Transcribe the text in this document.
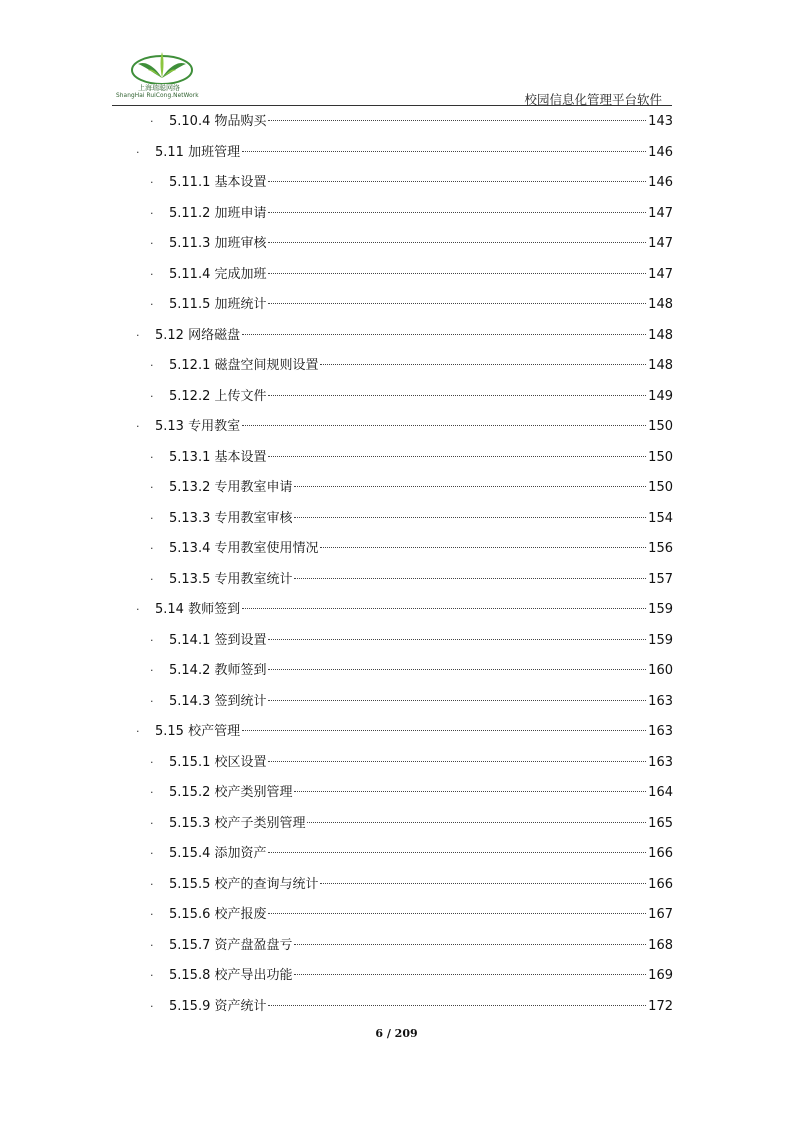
上海瑞聪网络
ShangHai RuiCong.NetWork	校园信息化管理平台软件
· 5.10.4 物品购买	143
· 5.11 加班管理	146
· 5.11.1 基本设置	146
· 5.11.2 加班申请	147
· 5.11.3 加班审核	147
· 5.11.4 完成加班	147
· 5.11.5 加班统计	148
· 5.12 网络磁盘	148
· 5.12.1 磁盘空间规则设置	148
· 5.12.2 上传文件	149
· 5.13 专用教室	150
· 5.13.1 基本设置	150
· 5.13.2 专用教室申请	150
· 5.13.3 专用教室审核	154
· 5.13.4 专用教室使用情况	156
· 5.13.5 专用教室统计	157
· 5.14 教师签到	159
· 5.14.1 签到设置	159
· 5.14.2 教师签到	160
· 5.14.3 签到统计	163
· 5.15 校产管理	163
· 5.15.1 校区设置	163
· 5.15.2 校产类别管理	164
· 5.15.3 校产子类别管理	165
· 5.15.4 添加资产	166
· 5.15.5 校产的查询与统计	166
· 5.15.6 校产报废	167
· 5.15.7 资产盘盈盘亏	168
· 5.15.8 校产导出功能	169
· 5.15.9 资产统计	172
6 / 209
